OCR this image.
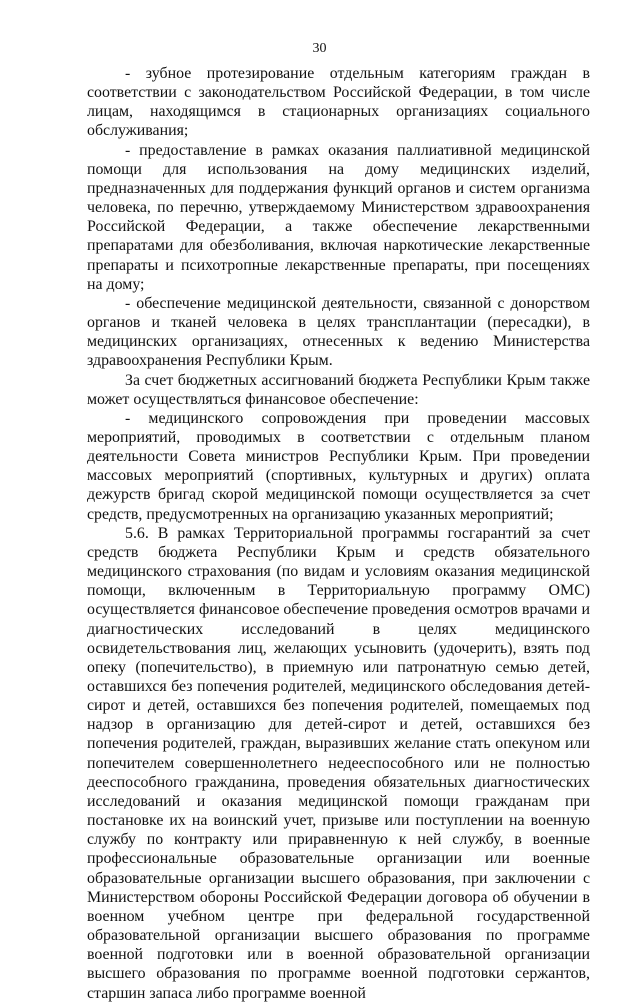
30

- зубное протезирование отдельным категориям граждан в соответствии с законодательством Российской Федерации, в том числе лицам, находящимся в стационарных организациях социального обслуживания;

- предоставление в рамках оказания паллиативной медицинской помощи для использования на дому медицинских изделий, предназначенных для поддержания функций органов и систем организма человека, по перечню, утверждаемому Министерством здравоохранения Российской Федерации, а также обеспечение лекарственными препаратами для обезболивания, включая наркотические лекарственные препараты и психотропные лекарственные препараты, при посещениях на дому;

- обеспечение медицинской деятельности, связанной с донорством органов и тканей человека в целях трансплантации (пересадки), в медицинских организациях, отнесенных к ведению Министерства здравоохранения Республики Крым.

За счет бюджетных ассигнований бюджета Республики Крым также может осуществляться финансовое обеспечение:

- медицинского сопровождения при проведении массовых мероприятий, проводимых в соответствии с отдельным планом деятельности Совета министров Республики Крым. При проведении массовых мероприятий (спортивных, культурных и других) оплата дежурств бригад скорой медицинской помощи осуществляется за счет средств, предусмотренных на организацию указанных мероприятий;

5.6. В рамках Территориальной программы госгарантий за счет средств бюджета Республики Крым и средств обязательного медицинского страхования (по видам и условиям оказания медицинской помощи, включенным в Территориальную программу ОМС) осуществляется финансовое обеспечение проведения осмотров врачами и диагностических исследований в целях медицинского освидетельствования лиц, желающих усыновить (удочерить), взять под опеку (попечительство), в приемную или патронатную семью детей, оставшихся без попечения родителей, медицинского обследования детей-сирот и детей, оставшихся без попечения родителей, помещаемых под надзор в организацию для детей-сирот и детей, оставшихся без попечения родителей, граждан, выразивших желание стать опекуном или попечителем совершеннолетнего недееспособного или не полностью дееспособного гражданина, проведения обязательных диагностических исследований и оказания медицинской помощи гражданам при постановке их на воинский учет, призыве или поступлении на военную службу по контракту или приравненную к ней службу, в военные профессиональные образовательные организации или военные образовательные организации высшего образования, при заключении с Министерством обороны Российской Федерации договора об обучении в военном учебном центре при федеральной государственной образовательной организации высшего образования по программе военной подготовки или в военной образовательной организации высшего образования по программе военной подготовки сержантов, старшин запаса либо программе военной
